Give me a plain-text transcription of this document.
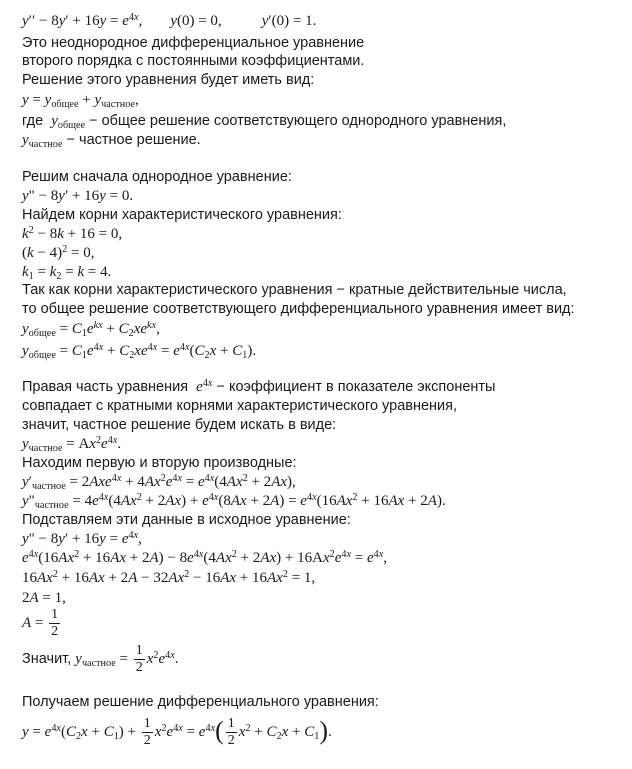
$y'' - 8y' + 16y = e^{4x}$, y(0) = 0,	y′(0) = 1.
Это неоднородное дифференциальное уравнение
второго порядка с постоянными коэффициентами.
Решение этого уравнения будет иметь вид:
$y = y_{общее} + y_{частное}$,
где $y_{общее}$ − общее решение соответствующего однородного уравнения,
$y_{частное}$ − частное решение.
Решим сначала однородное уравнение:
y" − 8y′ + 16y = 0.
Найдем корни характеристического уравнения:
$k^2 - 8k + 16 = 0$,
$(k - 4)^2 = 0$,
$k_1 = k_2 = k = 4$.
Так как корни характеристического уравнения − кратные действительные числа,
то общее решение соответствующего дифференциального уравнения имеет вид:
$y_{общее} = C_1e^{kx} + C_2xe^{kx}$,
$y_{общее} = C_1e^{4x} + C_2xe^{4x} = e^{4x}(C_2x + C_1)$.
Правая часть уравнения $e^{4x}$ − коэффициент в показателе экспоненты
совпадает с кратными корнями характеристического уравнения,
значит, частное решение будем искать в виде:
$y_{частное} = Ax^2e^{4x}$.
Находим первую и вторую производные:
$y'_{частное} = 2Axe^{4x} + 4Ax^2e^{4x} = e^{4x}(4Ax^2 + 2Ax)$,
$y"_{частное} = 4e^{4x}(4Ax^2 + 2Ax) + e^{4x}(8Ax + 2A) = e^{4x}(16Ax^2 + 16Ax + 2A)$.
Подставляем эти данные в исходное уравнение:
y" − $8y' + 16y = e^{4x}$,
$e^{4x}(16Ax^2 + 16Ax + 2A) - 8e^{4x}(4Ax^2 + 2Ax) + 16Ax^2e^{4x} = e^{4x}$,
$16Ax^2 + 16Ax + 2A - 32Ax^2 - 16Ax + 16Ax^2 = 1$,
2A = 1,
$A = \frac{1}{2}$
Значит, $y_{частное} = \frac{1}{2} x^2e^{4x}$.
Получаем решение дифференциального уравнения:
$y = e^{4x}(C_2x + C_1) + \frac{1}{2} x^2e^{4x} = e^{4x}( \frac{1}{2} x^2 + C_2x + C_1)$.
